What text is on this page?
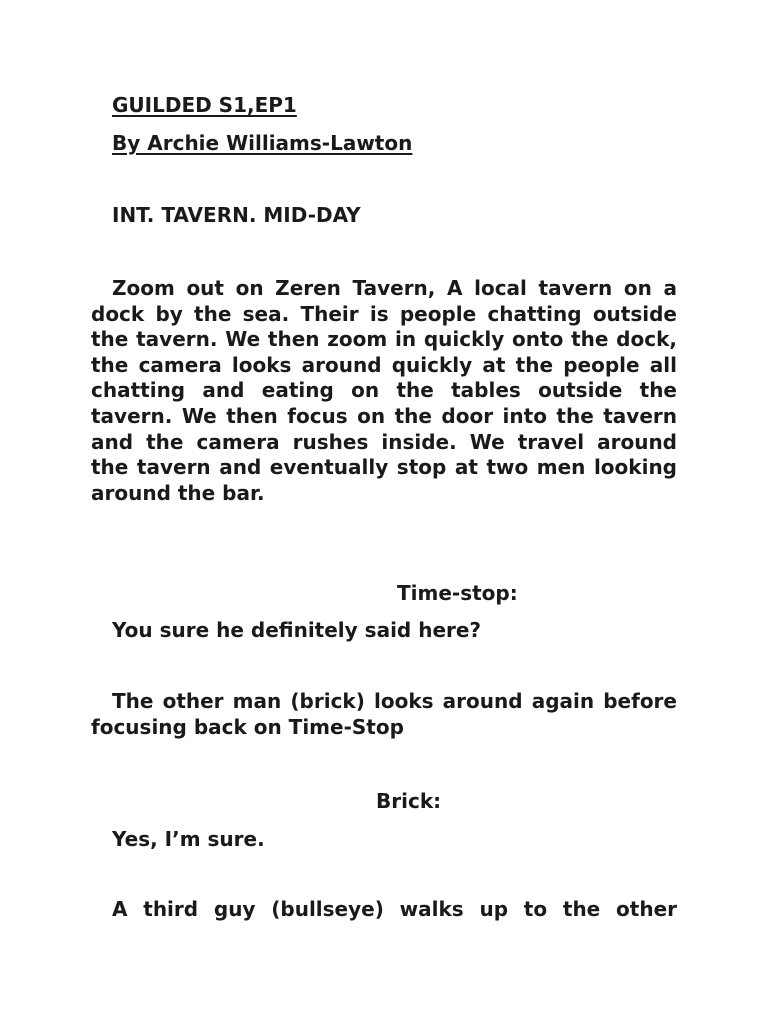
GUILDED S1,EP1
By Archie Williams-Lawton
INT. TAVERN. MID-DAY
Zoom out on Zeren Tavern, A local tavern on a dock by the sea. Their is people chatting outside the tavern. We then zoom in quickly onto the dock, the camera looks around quickly at the people all chatting and eating on the tables outside the tavern. We then focus on the door into the tavern and the camera rushes inside. We travel around the tavern and eventually stop at two men looking around the bar.
Time-stop:
You sure he definitely said here?
The other man (brick) looks around again before focusing back on Time-Stop
Brick:
Yes, I’m sure.
A third guy (bullseye) walks up to the other
